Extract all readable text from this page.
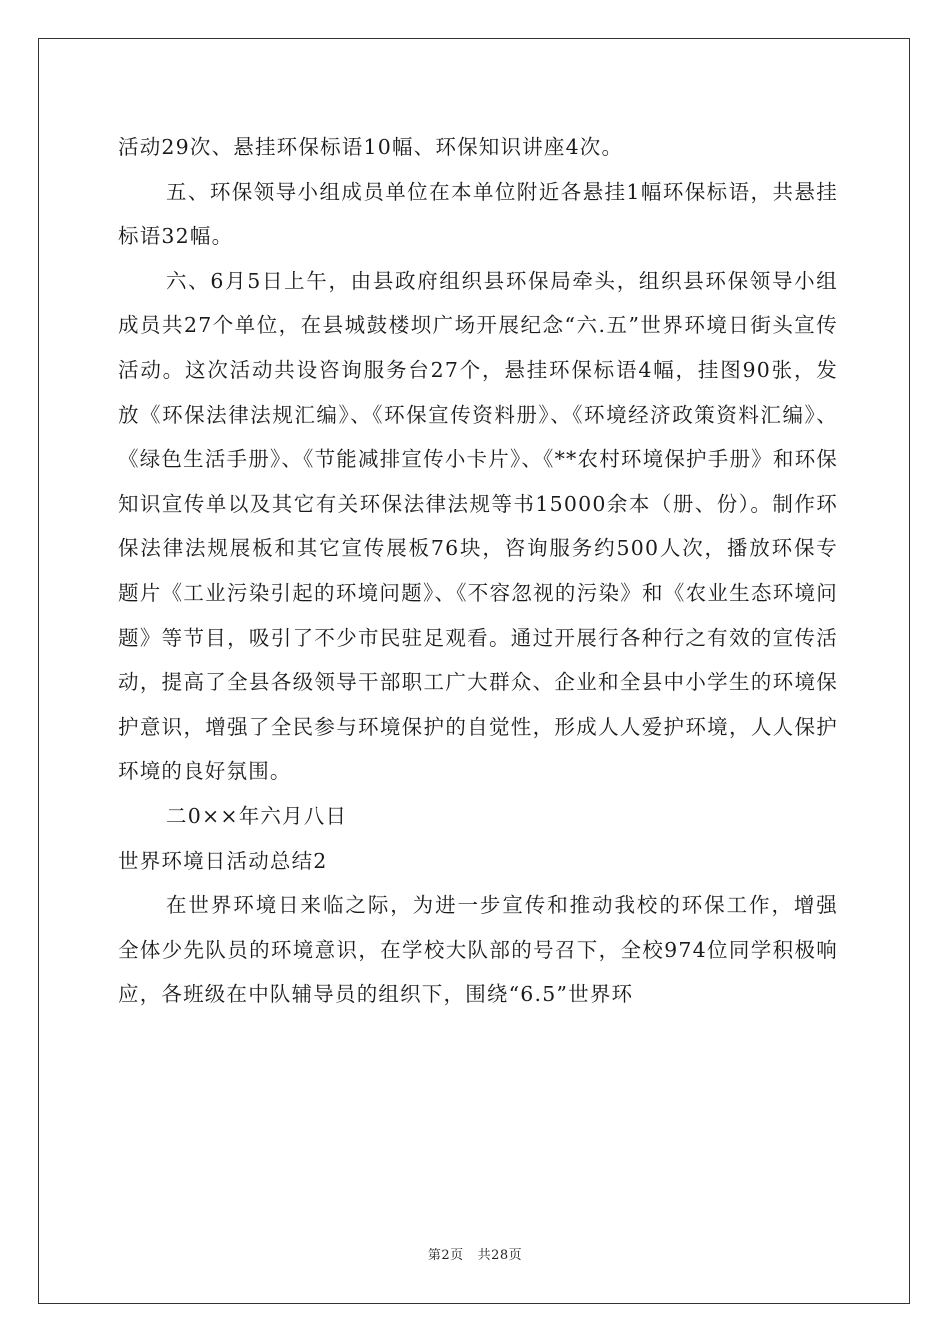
活动29次、悬挂环保标语10幅、环保知识讲座4次。

五、环保领导小组成员单位在本单位附近各悬挂1幅环保标语，共悬挂标语32幅。

六、6月5日上午，由县政府组织县环保局牵头，组织县环保领导小组成员共27个单位，在县城鼓楼坝广场开展纪念“六.五”世界环境日街头宣传活动。这次活动共设咨询服务台27个，悬挂环保标语4幅，挂图90张，发放《环保法律法规汇编》、《环保宣传资料册》、《环境经济政策资料汇编》、《绿色生活手册》、《节能减排宣传小卡片》、《**农村环境保护手册》和环保知识宣传单以及其它有关环保法律法规等书15000余本（册、份）。制作环保法律法规展板和其它宣传展板76块，咨询服务约500人次，播放环保专题片《工业污染引起的环境问题》、《不容忽视的污染》和《农业生态环境问题》等节目，吸引了不少市民驻足观看。通过开展行各种行之有效的宣传活动，提高了全县各级领导干部职工广大群众、企业和全县中小学生的环境保护意识，增强了全民参与环境保护的自觉性，形成人人爱护环境，人人保护环境的良好氛围。

二0××年六月八日

世界环境日活动总结2

在世界环境日来临之际，为进一步宣传和推动我校的环保工作，增强全体少先队员的环境意识，在学校大队部的号召下，全校974位同学积极响应，各班级在中队辅导员的组织下，围绕“6.5”世界环

第2页 共28页
